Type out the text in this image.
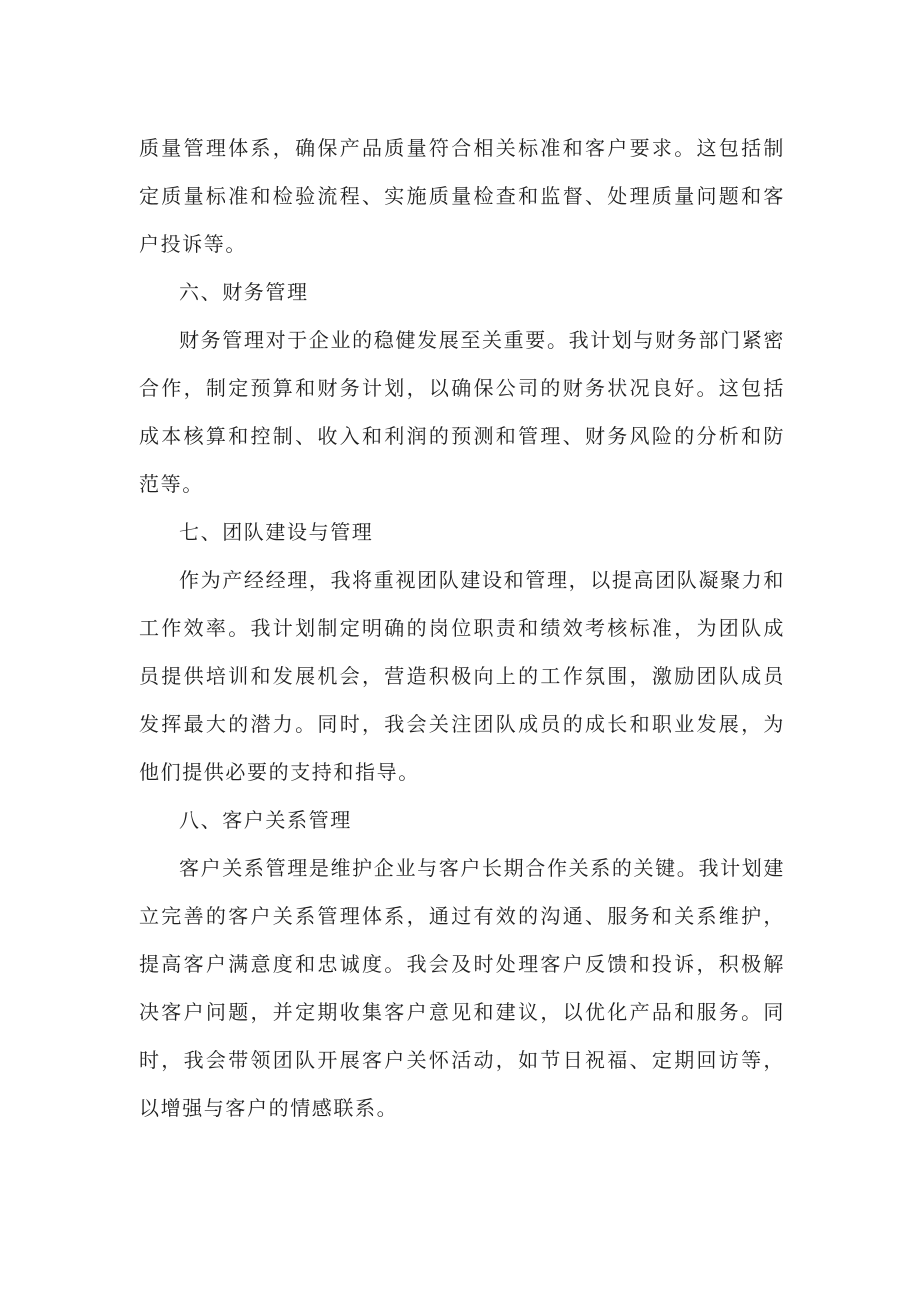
质量管理体系，确保产品质量符合相关标准和客户要求。这包括制定质量标准和检验流程、实施质量检查和监督、处理质量问题和客户投诉等。

六、财务管理

财务管理对于企业的稳健发展至关重要。我计划与财务部门紧密合作，制定预算和财务计划，以确保公司的财务状况良好。这包括成本核算和控制、收入和利润的预测和管理、财务风险的分析和防范等。

七、团队建设与管理

作为产经经理，我将重视团队建设和管理，以提高团队凝聚力和工作效率。我计划制定明确的岗位职责和绩效考核标准，为团队成员提供培训和发展机会，营造积极向上的工作氛围，激励团队成员发挥最大的潜力。同时，我会关注团队成员的成长和职业发展，为他们提供必要的支持和指导。

八、客户关系管理

客户关系管理是维护企业与客户长期合作关系的关键。我计划建立完善的客户关系管理体系，通过有效的沟通、服务和关系维护，提高客户满意度和忠诚度。我会及时处理客户反馈和投诉，积极解决客户问题，并定期收集客户意见和建议，以优化产品和服务。同时，我会带领团队开展客户关怀活动，如节日祝福、定期回访等，以增强与客户的情感联系。
